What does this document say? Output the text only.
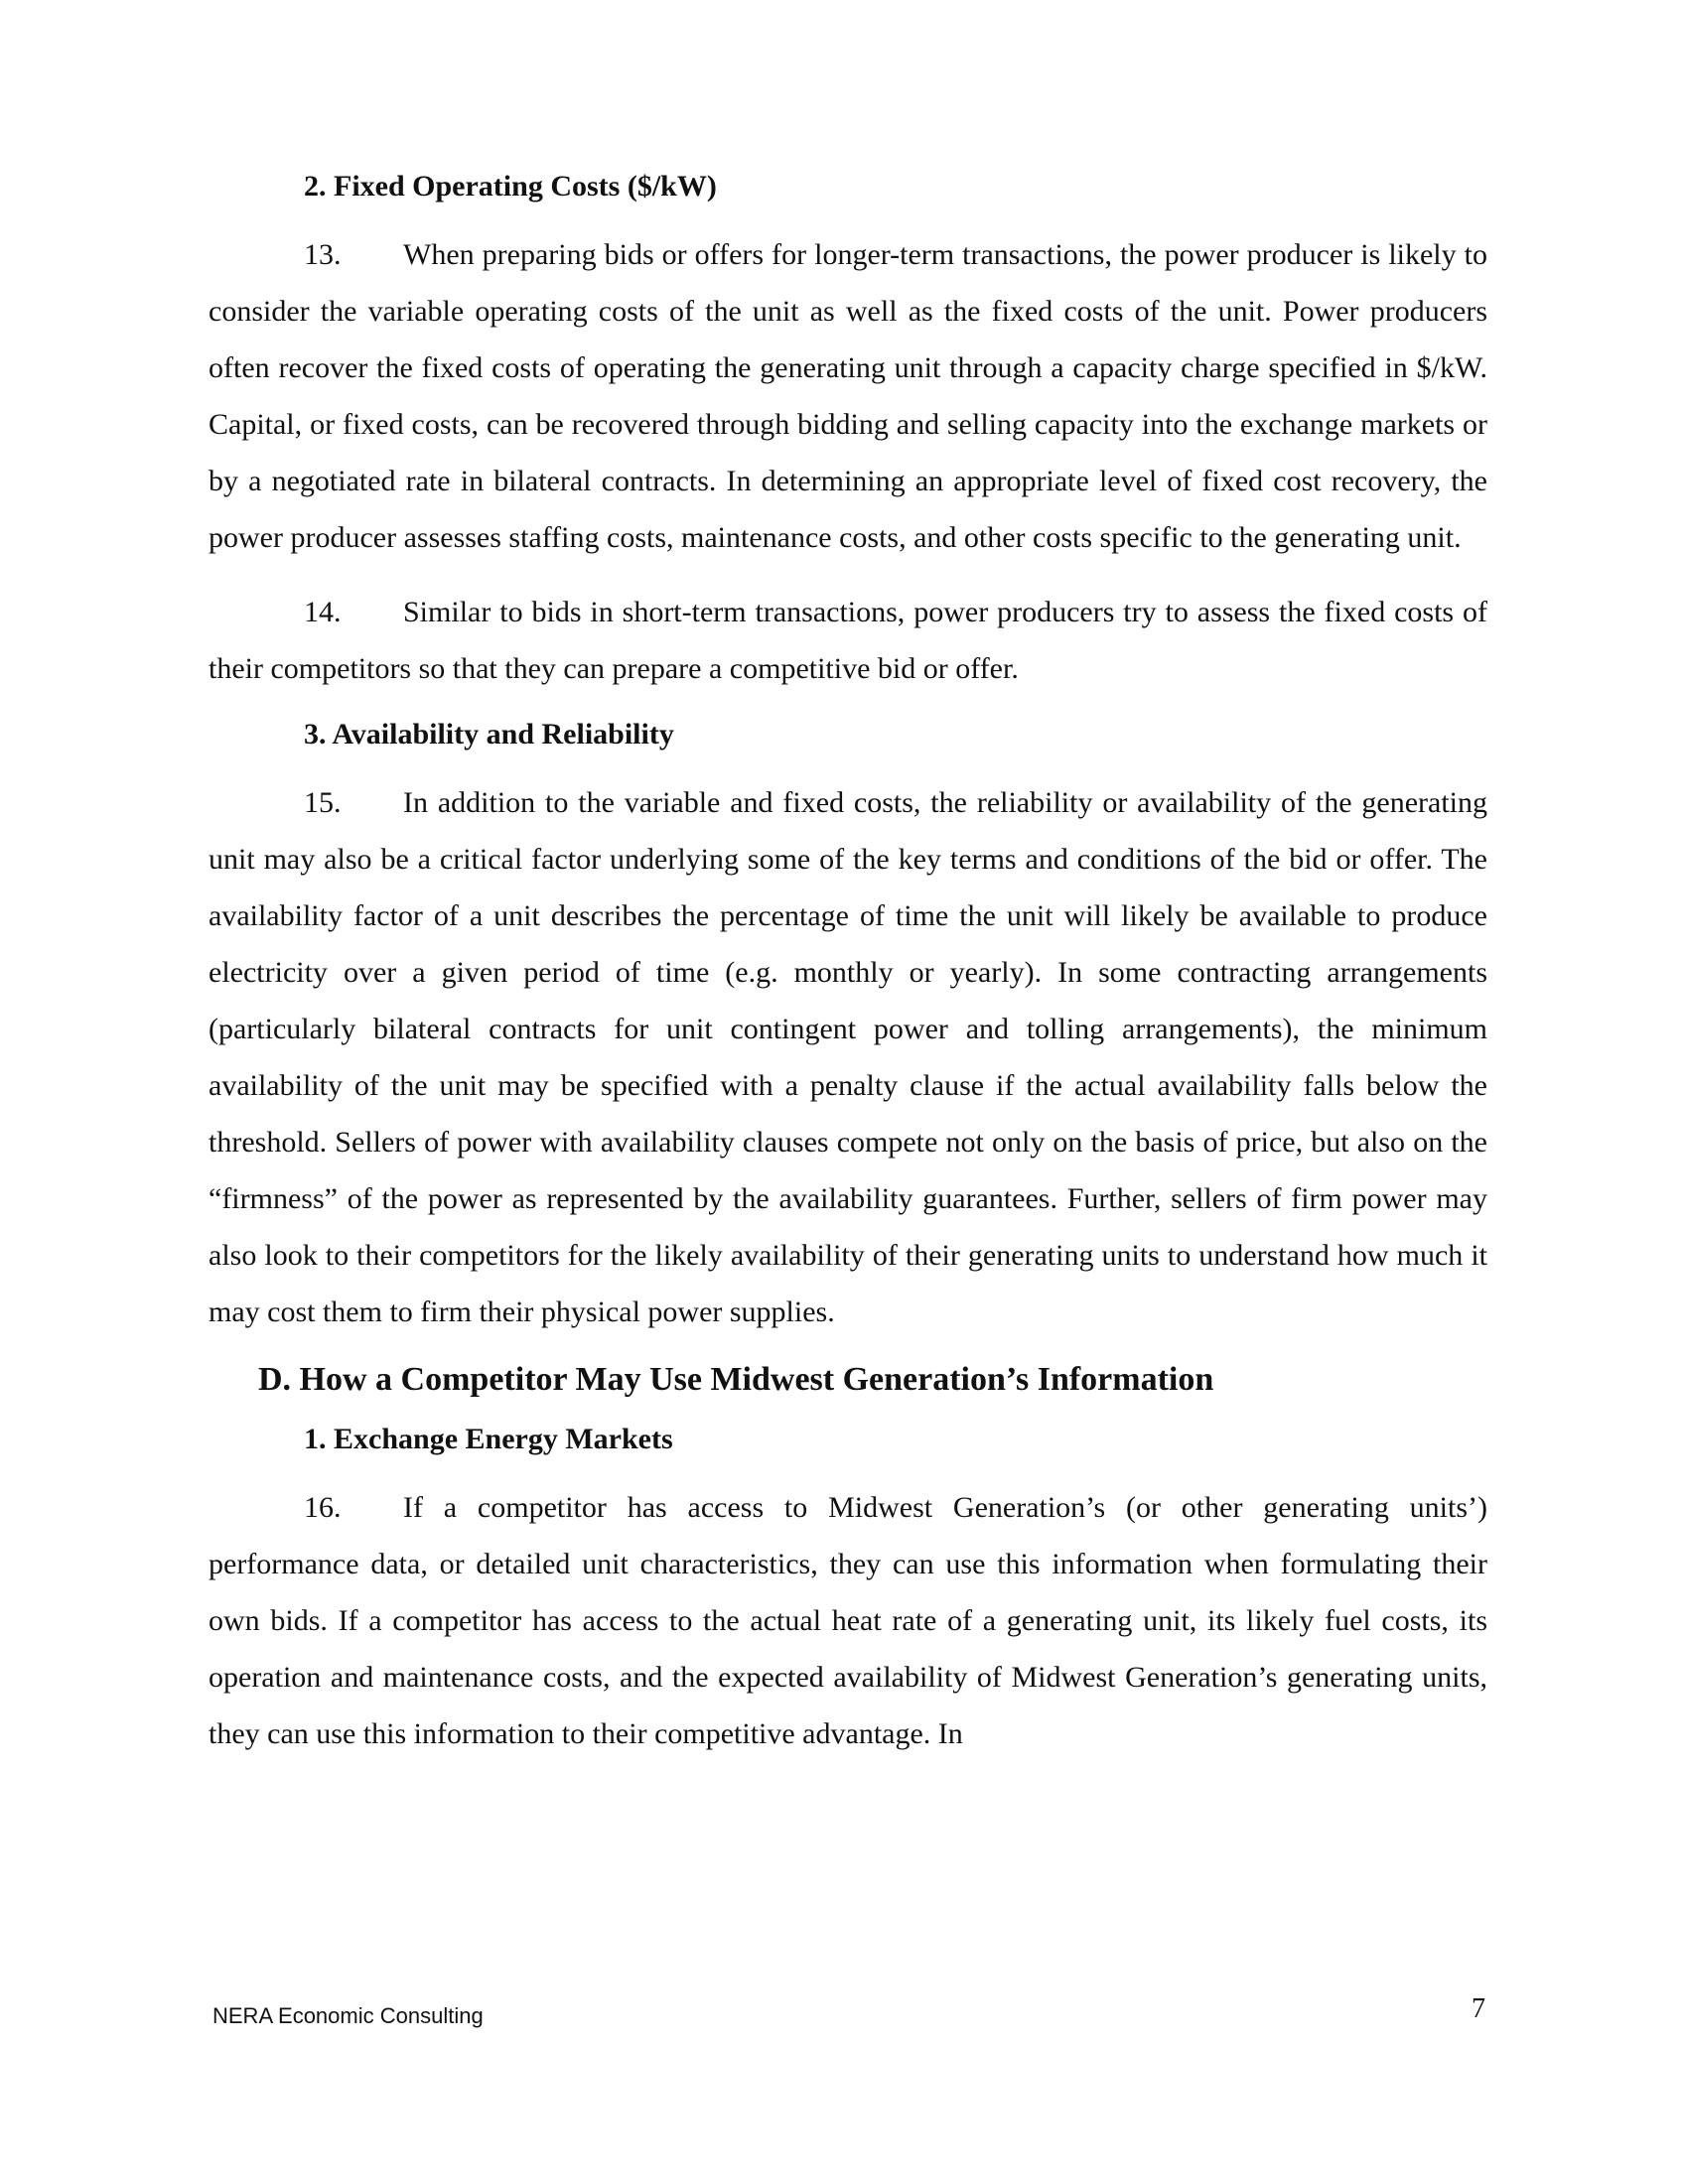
2. Fixed Operating Costs ($/kW)

13. When preparing bids or offers for longer-term transactions, the power producer is likely to consider the variable operating costs of the unit as well as the fixed costs of the unit. Power producers often recover the fixed costs of operating the generating unit through a capacity charge specified in $/kW. Capital, or fixed costs, can be recovered through bidding and selling capacity into the exchange markets or by a negotiated rate in bilateral contracts. In determining an appropriate level of fixed cost recovery, the power producer assesses staffing costs, maintenance costs, and other costs specific to the generating unit.

14. Similar to bids in short-term transactions, power producers try to assess the fixed costs of their competitors so that they can prepare a competitive bid or offer.

3. Availability and Reliability

15. In addition to the variable and fixed costs, the reliability or availability of the generating unit may also be a critical factor underlying some of the key terms and conditions of the bid or offer. The availability factor of a unit describes the percentage of time the unit will likely be available to produce electricity over a given period of time (e.g. monthly or yearly). In some contracting arrangements (particularly bilateral contracts for unit contingent power and tolling arrangements), the minimum availability of the unit may be specified with a penalty clause if the actual availability falls below the threshold. Sellers of power with availability clauses compete not only on the basis of price, but also on the “firmness” of the power as represented by the availability guarantees. Further, sellers of firm power may also look to their competitors for the likely availability of their generating units to understand how much it may cost them to firm their physical power supplies.

D. How a Competitor May Use Midwest Generation’s Information
1. Exchange Energy Markets

16. If a competitor has access to Midwest Generation’s (or other generating units’) performance data, or detailed unit characteristics, they can use this information when formulating their own bids. If a competitor has access to the actual heat rate of a generating unit, its likely fuel costs, its operation and maintenance costs, and the expected availability of Midwest Generation’s generating units, they can use this information to their competitive advantage. In

NERA Economic Consulting	7
